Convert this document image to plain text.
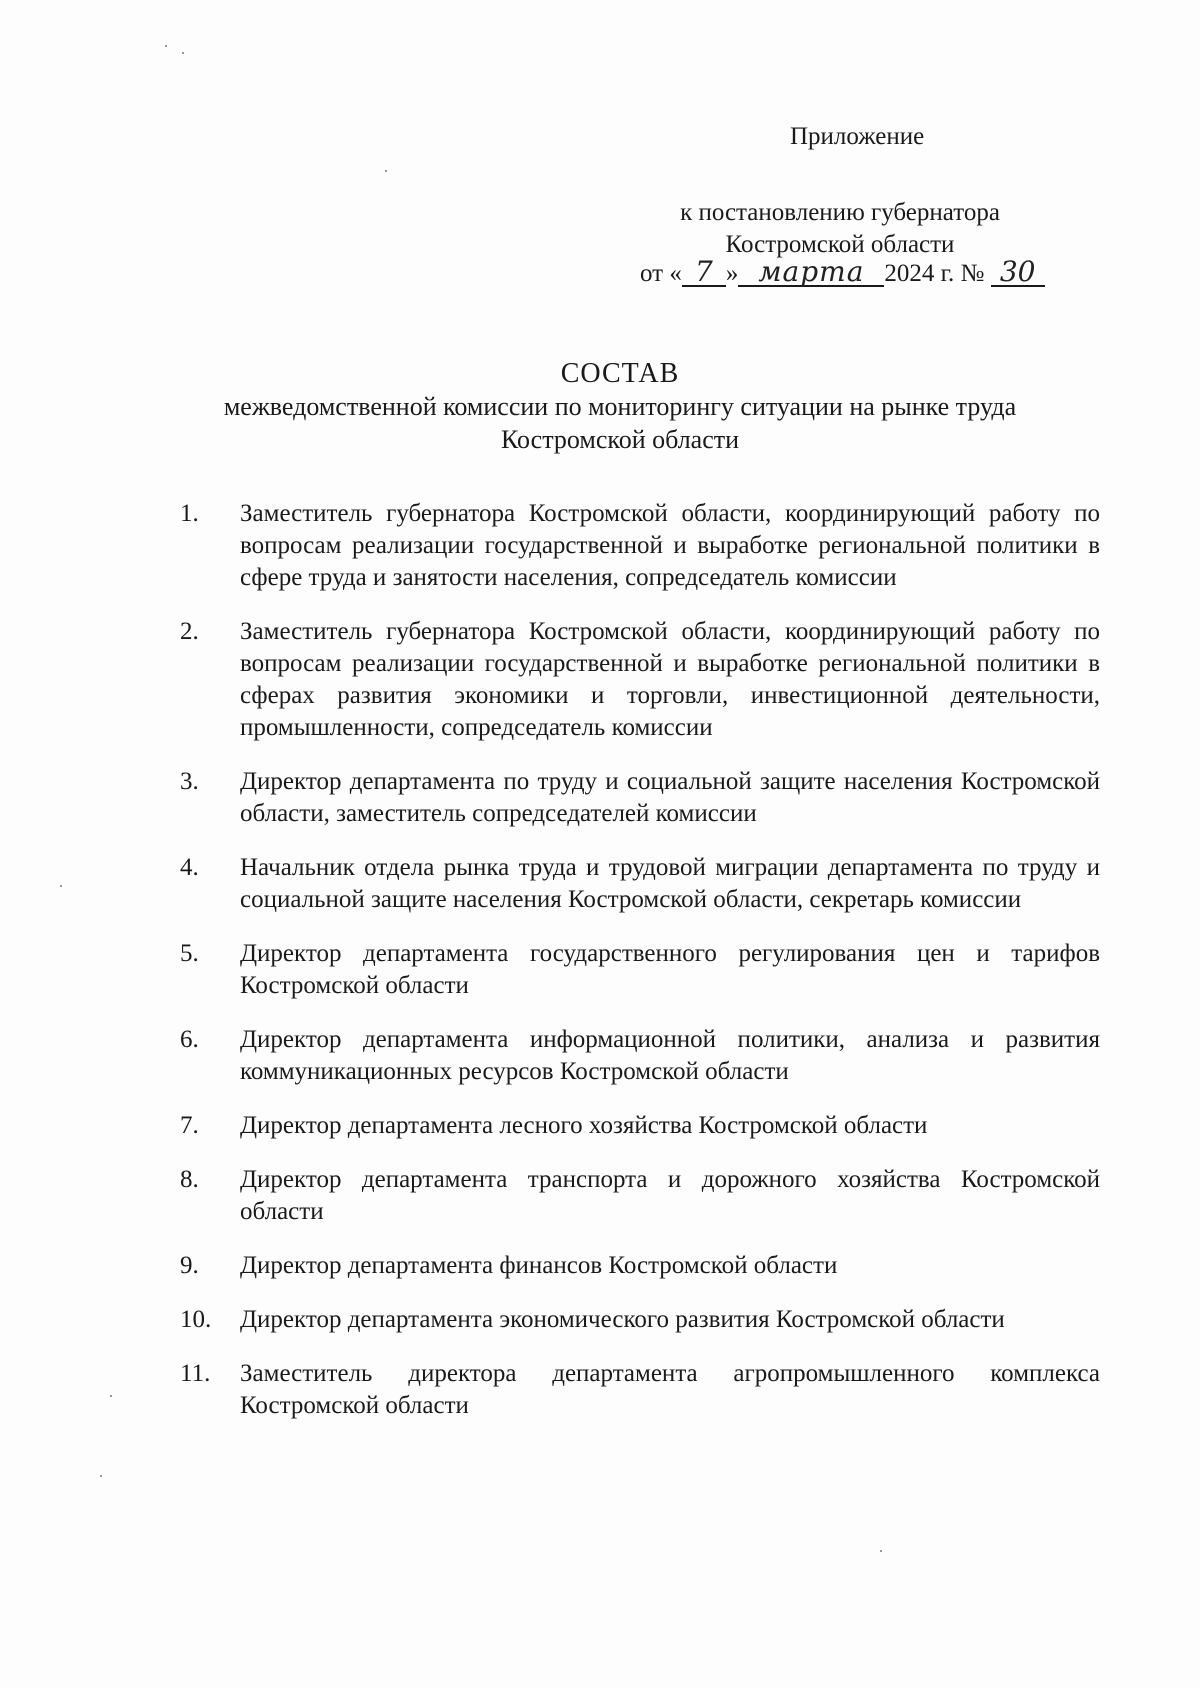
Приложение
к постановлению губернатора
Костромской области
от « 7 » марта 2024 г. № 30
СОСТАВ
межведомственной комиссии по мониторингу ситуации на рынке труда
Костромской области
1.	Заместитель губернатора Костромской области, координирующий работу по вопросам реализации государственной и выработке региональной политики в сфере труда и занятости населения, сопредседатель комиссии
2.	Заместитель губернатора Костромской области, координирующий работу по вопросам реализации государственной и выработке региональной политики в сферах развития экономики и торговли, инвестиционной деятельности, промышленности, сопредседатель комиссии
3.	Директор департамента по труду и социальной защите населения Костромской области, заместитель сопредседателей комиссии
4.	Начальник отдела рынка труда и трудовой миграции департамента по труду и социальной защите населения Костромской области, секретарь комиссии
5.	Директор департамента государственного регулирования цен и тарифов Костромской области
6.	Директор департамента информационной политики, анализа и развития коммуникационных ресурсов Костромской области
7.	Директор департамента лесного хозяйства Костромской области
8.	Директор департамента транспорта и дорожного хозяйства Костромской области
9.	Директор департамента финансов Костромской области
10.	Директор департамента экономического развития Костромской области
11.	Заместитель директора департамента агропромышленного комплекса Костромской области
